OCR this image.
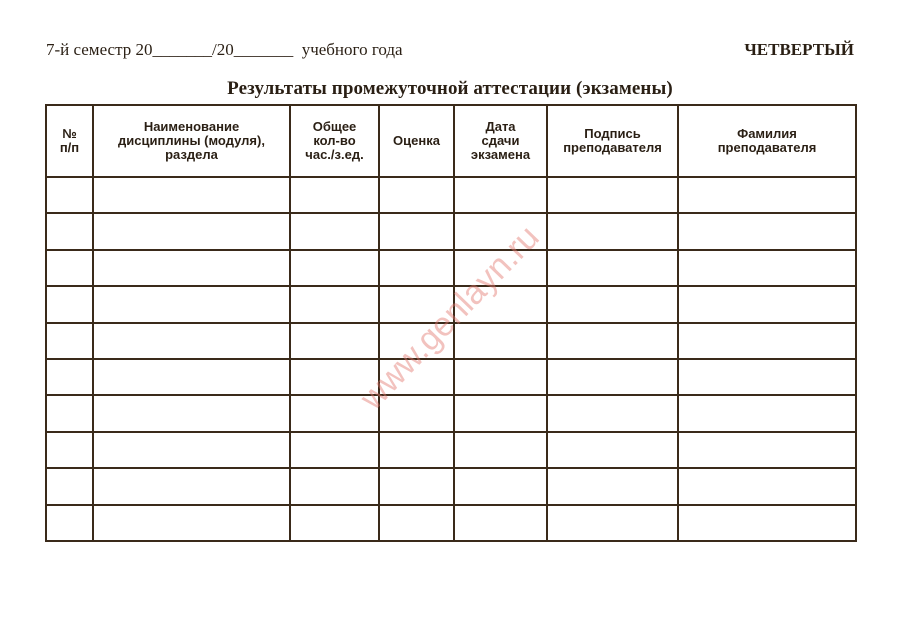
7-й семестр 20_______/20_______  учебного года	ЧЕТВЕРТЫЙ
Результаты промежуточной аттестации (экзамены)
№
п/п	Наименование
дисциплины (модуля),
раздела	Общее
кол-во
час./з.ед.	Оценка	Дата
сдачи
экзамена	Подпись
преподавателя	Фамилия
преподавателя

www.genlayn.ru
